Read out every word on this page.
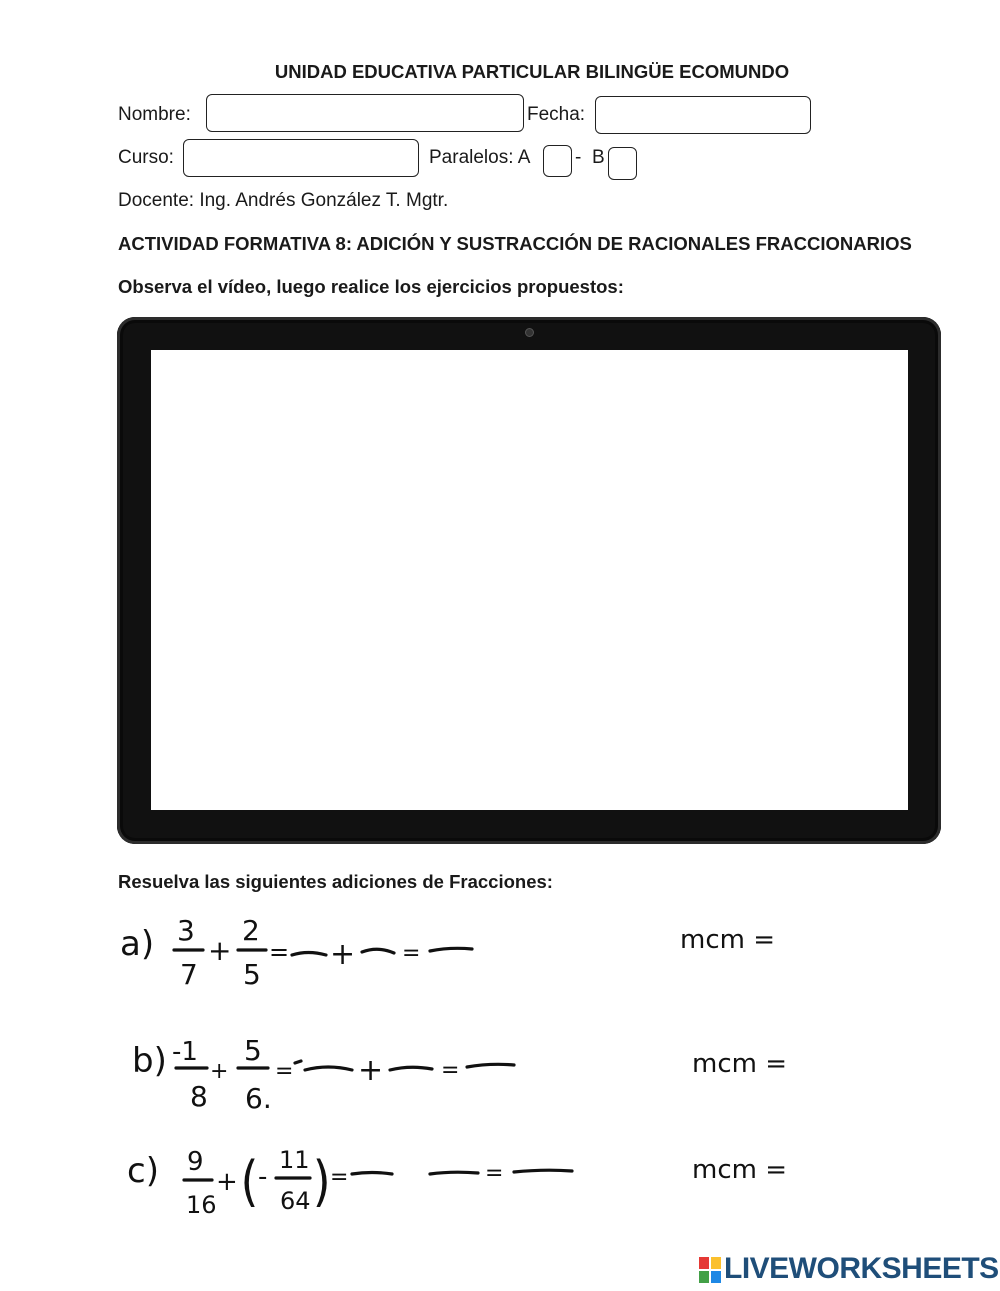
UNIDAD EDUCATIVA PARTICULAR BILINGÜE ECOMUNDO
Nombre:	Fecha:
Curso:	Paralelos: A - B
Docente: Ing. Andrés González T. Mgtr.
ACTIVIDAD FORMATIVA 8: ADICIÓN Y SUSTRACCIÓN DE RACIONALES FRACCIONARIOS
Observa el vídeo, luego realice los ejercicios propuestos:
Resuelva las siguientes adiciones de Fracciones:
a) 3
7
+
2
5
= + =	mcm =
b) -1
8
+
5
6.
= +	=	mcm =
c) 9
16
+ ( -
11
64 ) =	=	mcm =
LIVEWORKSHEETS
